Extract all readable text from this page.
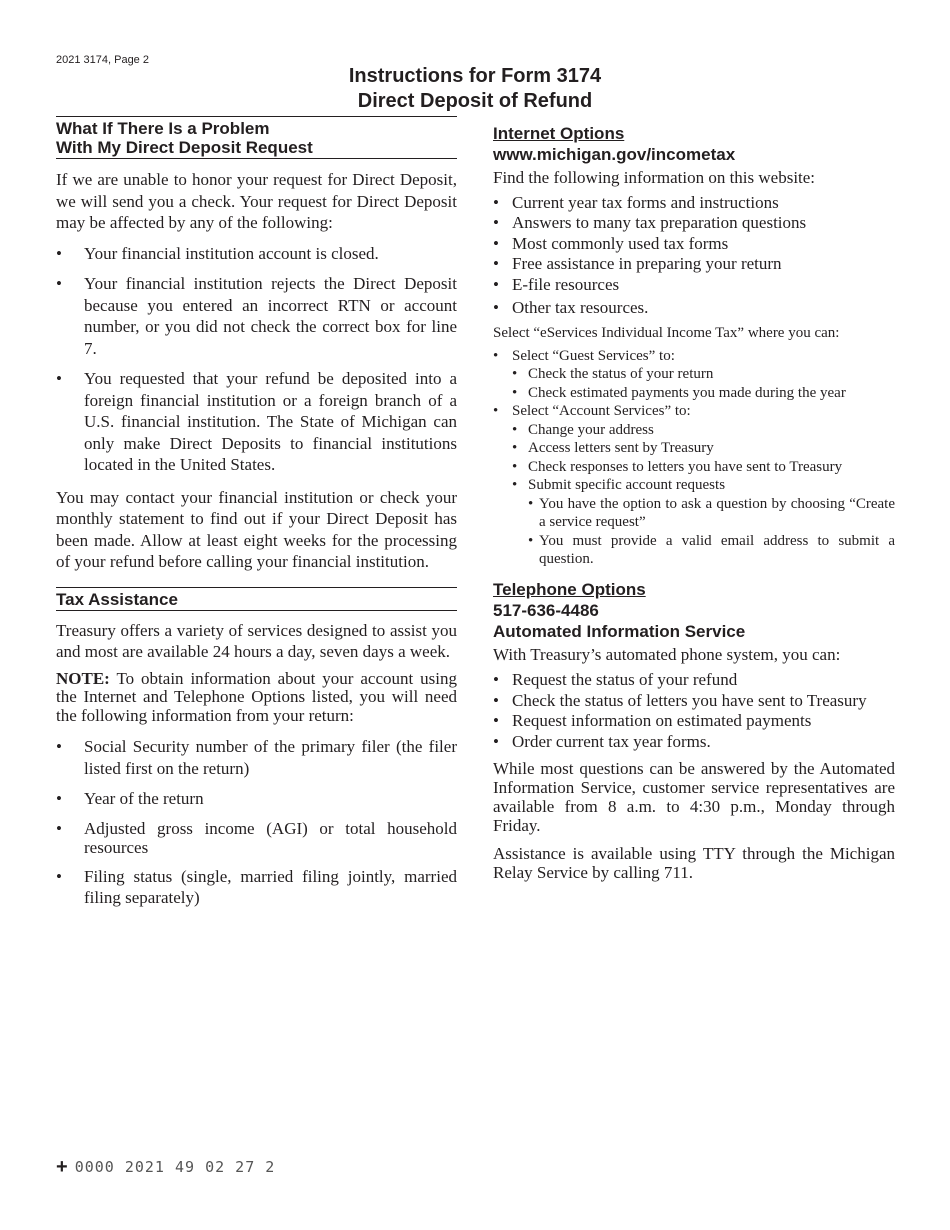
2021 3174, Page 2
Instructions for Form 3174
Direct Deposit of Refund
What If There Is a Problem
With My Direct Deposit Request

If we are unable to honor your request for Direct Deposit, we will send you a check. Your request for Direct Deposit may be affected by any of the following:

• Your financial institution account is closed.
• Your financial institution rejects the Direct Deposit because you entered an incorrect RTN or account number, or you did not check the correct box for line 7.
• You requested that your refund be deposited into a foreign financial institution or a foreign branch of a U.S. financial institution. The State of Michigan can only make Direct Deposits to financial institutions located in the United States.

You may contact your financial institution or check your monthly statement to find out if your Direct Deposit has been made. Allow at least eight weeks for the processing of your refund before calling your financial institution.

Tax Assistance

Treasury offers a variety of services designed to assist you and most are available 24 hours a day, seven days a week.

NOTE: To obtain information about your account using the Internet and Telephone Options listed, you will need the following information from your return:

• Social Security number of the primary filer (the filer listed first on the return)
• Year of the return
• Adjusted gross income (AGI) or total household resources
• Filing status (single, married filing jointly, married filing separately)
Internet Options
www.michigan.gov/incometax

Find the following information on this website:

• Current year tax forms and instructions
• Answers to many tax preparation questions
• Most commonly used tax forms
• Free assistance in preparing your return
• E-file resources
• Other tax resources.

Select “eServices Individual Income Tax” where you can:

• Select “Guest Services” to:
• Check the status of your return
• Check estimated payments you made during the year
• Select “Account Services” to:
• Change your address
• Access letters sent by Treasury
• Check responses to letters you have sent to Treasury
• Submit specific account requests
• You have the option to ask a question by choosing “Create a service request”
• You must provide a valid email address to submit a question.
Telephone Options
517-636-4486
Automated Information Service

With Treasury’s automated phone system, you can:

• Request the status of your refund
• Check the status of letters you have sent to Treasury
• Request information on estimated payments
• Order current tax year forms.

While most questions can be answered by the Automated Information Service, customer service representatives are available from 8 a.m. to 4:30 p.m., Monday through Friday.

Assistance is available using TTY through the Michigan Relay Service by calling 711.

+ 0000 2021 49 02 27 2
